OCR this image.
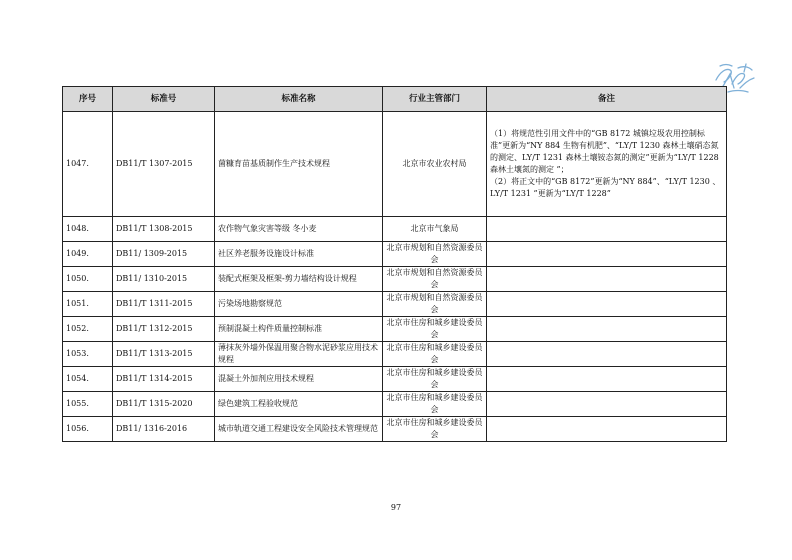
序号	标准号	标准名称	行业主管部门	备注
1047.	DB11/T 1307-2015	菌糠育苗基质制作生产技术规程	北京市农业农村局	（1）将规范性引用文件中的“GB 8172 城镇垃圾农用控制标准”更新为“NY 884 生物有机肥”、“LY/T 1230 森林土壤硝态氮的测定、LY/T 1231 森林土壤铵态氮的测定”更新为“LY/T 1228 森林土壤氮的测定 ”；
（2）将正文中的“GB 8172”更新为“NY 884”、“LY/T 1230 、LY/T 1231 ”更新为“LY/T 1228”
1048.	DB11/T 1308-2015	农作物气象灾害等级 冬小麦	北京市气象局	
1049.	DB11/ 1309-2015	社区养老服务设施设计标准	北京市规划和自然资源委员会	
1050.	DB11/ 1310-2015	装配式框架及框架-剪力墙结构设计规程	北京市规划和自然资源委员会	
1051.	DB11/T 1311-2015	污染场地勘察规范	北京市规划和自然资源委员会	
1052.	DB11/T 1312-2015	预制混凝土构件质量控制标准	北京市住房和城乡建设委员会	
1053.	DB11/T 1313-2015	薄抹灰外墙外保温用聚合物水泥砂浆应用技术规程	北京市住房和城乡建设委员会	
1054.	DB11/T 1314-2015	混凝土外加剂应用技术规程	北京市住房和城乡建设委员会	
1055.	DB11/T 1315-2020	绿色建筑工程验收规范	北京市住房和城乡建设委员会	
1056.	DB11/ 1316-2016	城市轨道交通工程建设安全风险技术管理规范	北京市住房和城乡建设委员会	
97
